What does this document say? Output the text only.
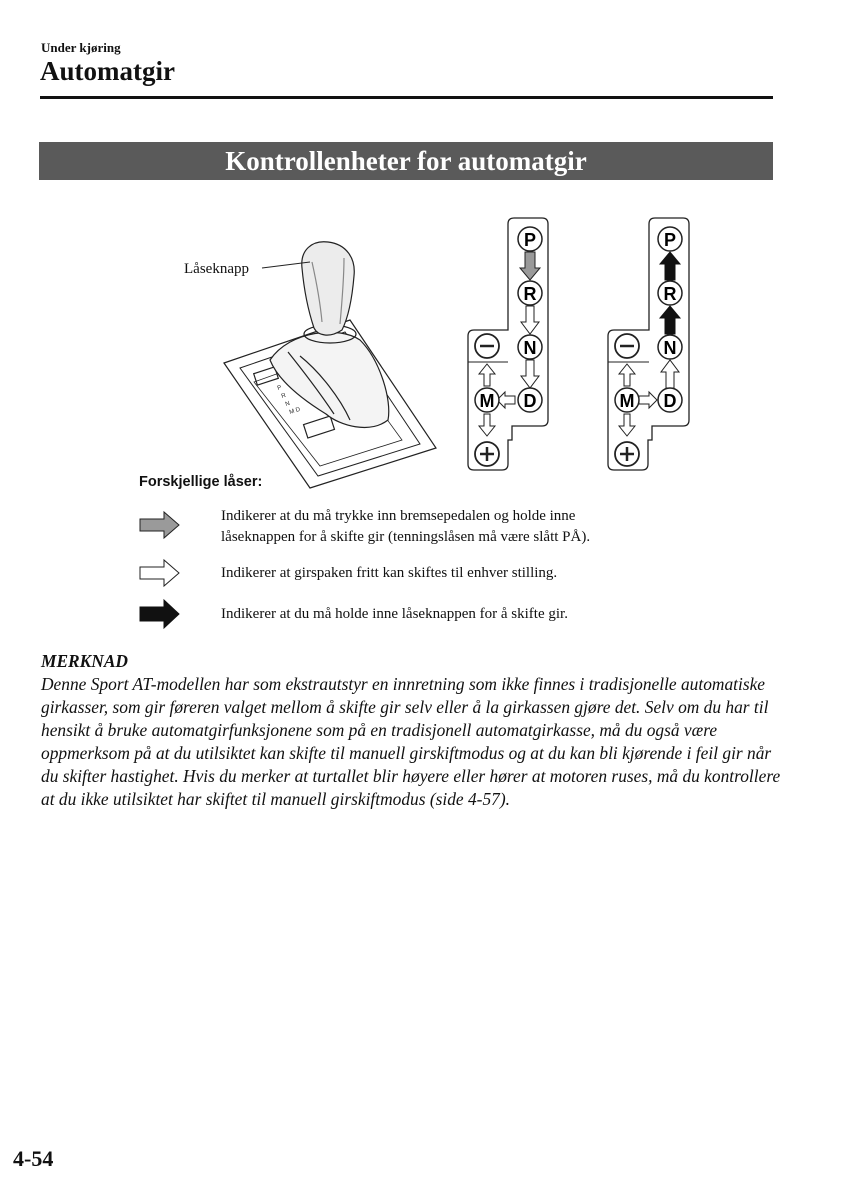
Under kjøring
Automatgir
Kontrollenheter for automatgir
P
R
N
M D
Låseknapp
P
R
N
D
M
P
R
N
D
M
Forskjellige låser:
Indikerer at du må trykke inn bremsepedalen og holde inne
låseknappen for å skifte gir (tenningslåsen må være slått PÅ).
Indikerer at girspaken fritt kan skiftes til enhver stilling.
Indikerer at du må holde inne låseknappen for å skifte gir.
MERKNAD
Denne Sport AT-modellen har som ekstrautstyr en innretning som ikke finnes i tradisjonelle automatiske girkasser, som gir føreren valget mellom å skifte gir selv eller å la girkassen gjøre det. Selv om du har til hensikt å bruke automatgirfunksjonene som på en tradisjonell automatgirkasse, må du også være oppmerksom på at du utilsiktet kan skifte til manuell girskiftmodus og at du kan bli kjørende i feil gir når du skifter hastighet. Hvis du merker at turtallet blir høyere eller hører at motoren ruses, må du kontrollere at du ikke utilsiktet har skiftet til manuell girskiftmodus (side 4-57).
4-54
